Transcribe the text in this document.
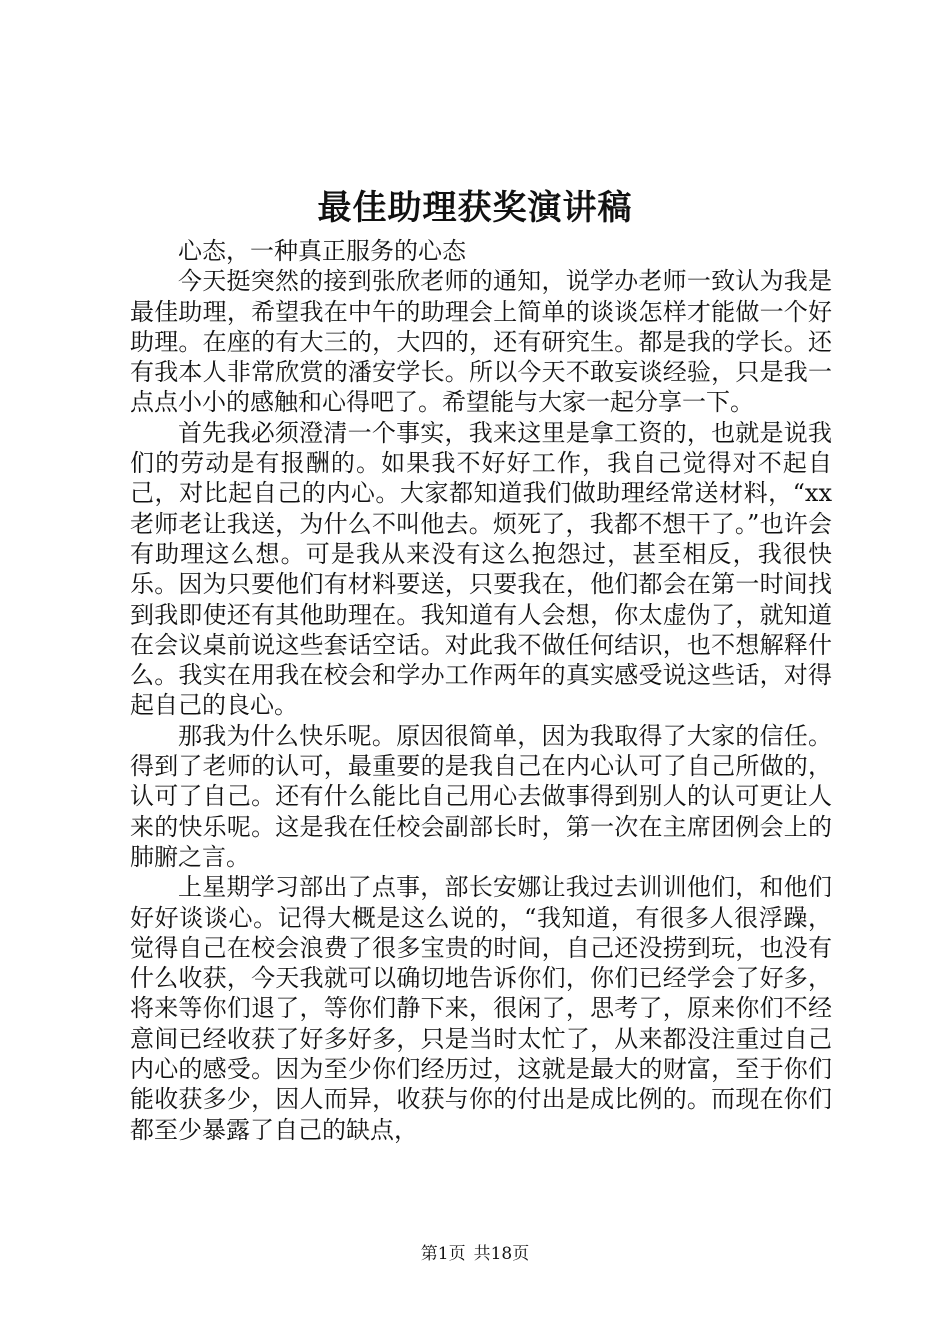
最佳助理获奖演讲稿

心态，一种真正服务的心态

今天挺突然的接到张欣老师的通知，说学办老师一致认为我是最佳助理，希望我在中午的助理会上简单的谈谈怎样才能做一个好助理。在座的有大三的，大四的，还有研究生。都是我的学长。还有我本人非常欣赏的潘安学长。所以今天不敢妄谈经验，只是我一点点小小的感触和心得吧了。希望能与大家一起分享一下。

首先我必须澄清一个事实，我来这里是拿工资的，也就是说我们的劳动是有报酬的。如果我不好好工作，我自己觉得对不起自己，对比起自己的内心。大家都知道我们做助理经常送材料，“xx老师老让我送，为什么不叫他去。烦死了，我都不想干了。”也许会有助理这么想。可是我从来没有这么抱怨过，甚至相反，我很快乐。因为只要他们有材料要送，只要我在，他们都会在第一时间找到我即使还有其他助理在。我知道有人会想，你太虚伪了，就知道在会议桌前说这些套话空话。对此我不做任何结识，也不想解释什么。我实在用我在校会和学办工作两年的真实感受说这些话，对得起自己的良心。

那我为什么快乐呢。原因很简单，因为我取得了大家的信任。得到了老师的认可，最重要的是我自己在内心认可了自己所做的，认可了自己。还有什么能比自己用心去做事得到别人的认可更让人来的快乐呢。这是我在任校会副部长时，第一次在主席团例会上的肺腑之言。

上星期学习部出了点事，部长安娜让我过去训训他们，和他们好好谈谈心。记得大概是这么说的，“我知道，有很多人很浮躁，觉得自己在校会浪费了很多宝贵的时间，自己还没捞到玩，也没有什么收获，今天我就可以确切地告诉你们，你们已经学会了好多，将来等你们退了，等你们静下来，很闲了，思考了，原来你们不经意间已经收获了好多好多，只是当时太忙了，从来都没注重过自己内心的感受。因为至少你们经历过，这就是最大的财富，至于你们能收获多少，因人而异，收获与你的付出是成比例的。而现在你们都至少暴露了自己的缺点，

第1页 共18页
